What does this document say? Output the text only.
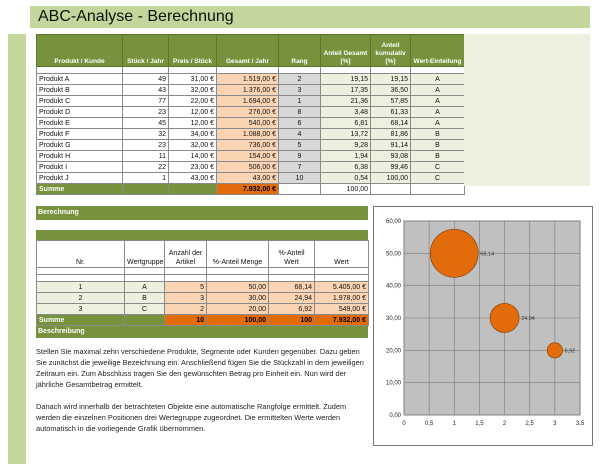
ABC-Analyse - Berechnung
Produkt / Kunde	Stück / Jahr	Preis / Stück	Gesamt / Jahr	Rang	Anteil Gesamt [%]	Anteil kumulativ [%]	Wert-Einteilung

Produkt A	49	31,00 €	1.519,00 €	2	19,15	19,15	A
Produkt B	43	32,00 €	1.376,00 €	3	17,35	36,50	A
Produkt C	77	22,00 €	1.694,00 €	1	21,36	57,85	A
Produkt D	23	12,00 €	276,00 €	8	3,48	61,33	A
Produkt E	45	12,00 €	540,00 €	6	6,81	68,14	A
Produkt F	32	34,00 €	1.088,00 €	4	13,72	81,86	B
Produkt G	23	32,00 €	736,00 €	5	9,28	91,14	B
Produkt H	11	14,00 €	154,00 €	9	1,94	93,08	B
Produkt I	22	23,00 €	506,00 €	7	6,38	99,46	C
Produkt J	1	43,00 €	43,00 €	10	0,54	100,00	C
Summe			7.932,00 €		100,00		
Berechnung
Nr.	Wertgruppe	Anzahl der Artikel	%-Anteil Menge	%-Anteil Wert	Wert

1	A	5	50,00	68,14	5.405,00 €
2	B	3	30,00	24,94	1.978,00 €
3	C	2	20,00	6,92	549,00 €
Summe		10	100,00	100	7.932,00 €
Beschreibung
Stellen Sie maximal zehn verschiedene Produkte, Segmente oder Kunden gegenüber. Dazu geben Sie zunächst die jeweilige Bezeichnung ein. Anschließend fügen Sie die Stückzahl in dem jeweiligen Zeitraum ein. Zum Abschluss tragen Sie den gewünschten Betrag pro Einheit ein. Nun wird der jährliche Gesamtbetrag ermittelt.
Danach wird innerhalb der betrachteten Objekte eine automatische Rangfolge ermittelt. Zudem werden die einzelnen Positionen drei Wertegruppe zugeordnet. Die ermittelten Werte werden automatisch in die vorliegende Grafik übernommen.	0	0,5	1	1,5	2	2,5	3	3,5
0,00
10,00
20,00
30,00
40,00
50,00
60,00
68,14
24,94
6,92
